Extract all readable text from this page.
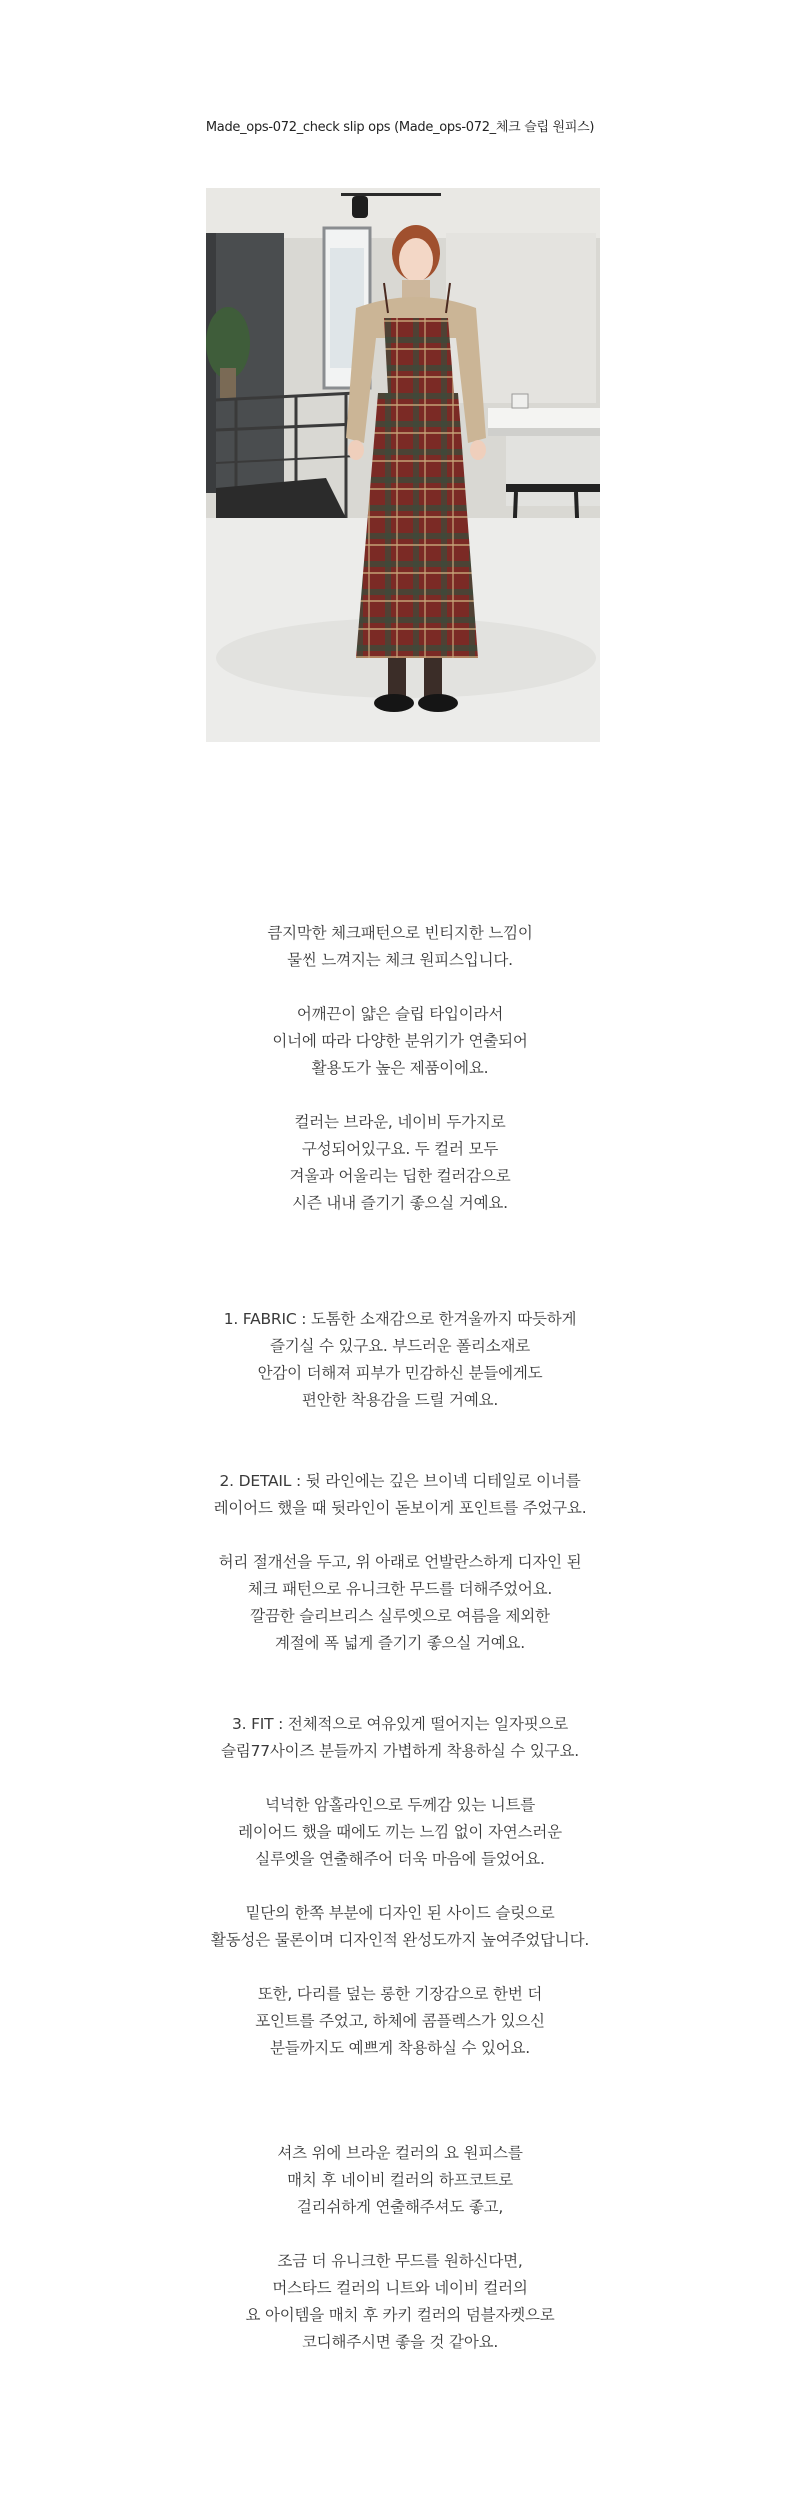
Made_ops-072_check slip ops (Made_ops-072_체크 슬립 원피스)

큼지막한 체크패턴으로 빈티지한 느낌이
물씬 느껴지는 체크 원피스입니다.

어깨끈이 얇은 슬립 타입이라서
이너에 따라 다양한 분위기가 연출되어
활용도가 높은 제품이에요.

컬러는 브라운, 네이비 두가지로
구성되어있구요. 두 컬러 모두
겨울과 어울리는 딥한 컬러감으로
시즌 내내 즐기기 좋으실 거예요.

1. FABRIC : 도톰한 소재감으로 한겨울까지 따듯하게
즐기실 수 있구요. 부드러운 폴리소재로
안감이 더해져 피부가 민감하신 분들에게도
편안한 착용감을 드릴 거예요.

2. DETAIL : 뒷 라인에는 깊은 브이넥 디테일로 이너를
레이어드 했을 때 뒷라인이 돋보이게 포인트를 주었구요.

허리 절개선을 두고, 위 아래로 언발란스하게 디자인 된
체크 패턴으로 유니크한 무드를 더해주었어요.
깔끔한 슬리브리스 실루엣으로 여름을 제외한
계절에 폭 넓게 즐기기 좋으실 거예요.

3. FIT : 전체적으로 여유있게 떨어지는 일자핏으로
슬림77사이즈 분들까지 가볍하게 착용하실 수 있구요.

넉넉한 암홀라인으로 두께감 있는 니트를
레이어드 했을 때에도 끼는 느낌 없이 자연스러운
실루엣을 연출해주어 더욱 마음에 들었어요.

밑단의 한쪽 부분에 디자인 된 사이드 슬릿으로
활동성은 물론이며 디자인적 완성도까지 높여주었답니다.

또한, 다리를 덮는 롱한 기장감으로 한번 더
포인트를 주었고, 하체에 콤플렉스가 있으신
분들까지도 예쁘게 착용하실 수 있어요.

셔츠 위에 브라운 컬러의 요 원피스를
매치 후 네이비 컬러의 하프코트로
걸리쉬하게 연출해주셔도 좋고,

조금 더 유니크한 무드를 원하신다면,
머스타드 컬러의 니트와 네이비 컬러의
요 아이템을 매치 후 카키 컬러의 덤블자켓으로
코디해주시면 좋을 것 같아요.
